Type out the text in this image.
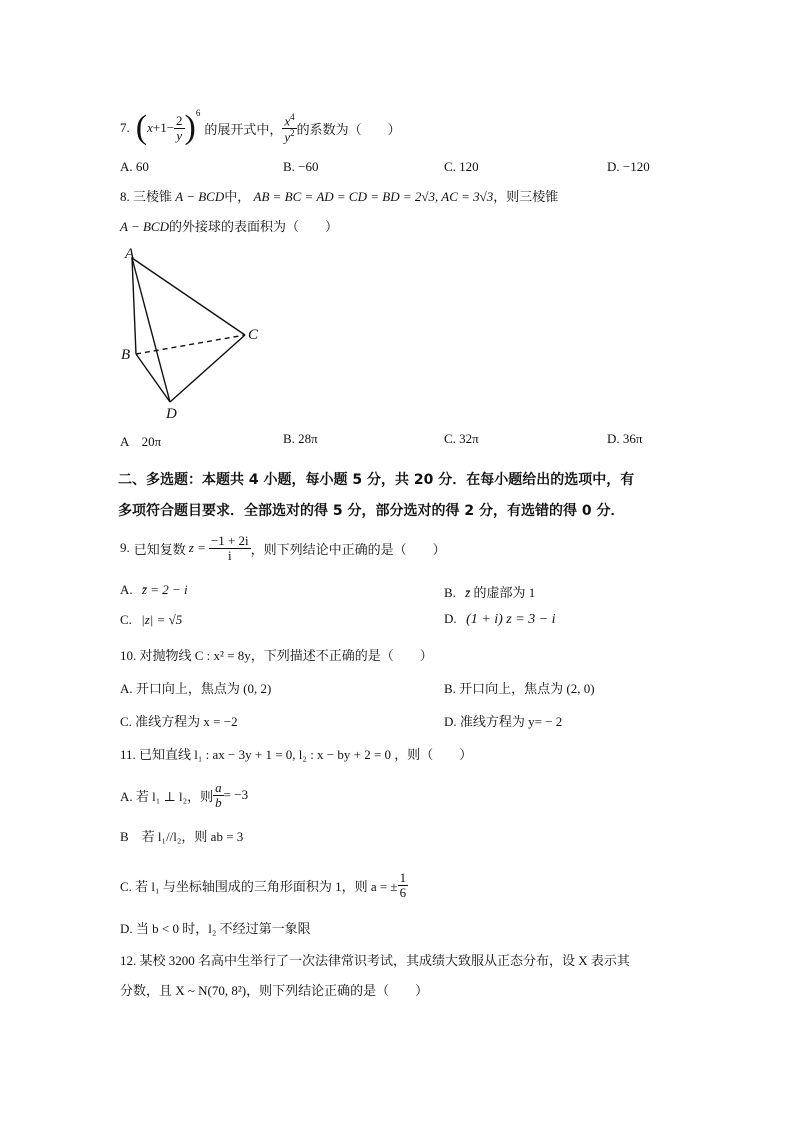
7. ( $x +1- \frac{2}{y} )^6$
的展开式中， $\frac{x^4}{y^2}$ 的系数为（　　）
A. 60	B. −60	C. 120	D. −120
8. 三棱锥 A − BCD中， AB = BC = AD = CD = BD = 2√3, AC = 3√3，则三棱锥
A − BCD的外接球的表面积为（　　）
A
B
C
D
A　20π	B. 28π	C. 32π	D. 36π
二、多选题：本题共 4 小题，每小题 5 分，共 20 分．在每小题给出的选项中，有
多项符合题目要求．全部选对的得 5 分，部分选对的得 2 分，有选错的得 0 分．
9. 已知复数 $z = \frac{-1 + 2i}{i}$ ，则下列结论中正确的是（　　）
A. z̄ = 2 − i	B. z̄ 的虚部为 1
C. |z| = √5	D. (1 + i) z = 3 − i
10. 对抛物线 C : x² = 8y，下列描述不正确的是（　　）
A. 开口向上，焦点为 (0, 2)	B. 开口向上，焦点为 (2, 0)
C. 准线方程为 x = −2	D. 准线方程为 y= − 2
11. 已知直线 l₁ : ax − 3y + 1 = 0, l₂ : x − by + 2 = 0 ，则（　　）
A. 若 l₁ ⊥ l₂，则 $\frac{a}{b} = -3$
B　若 l₁//l₂，则 ab = 3
C. 若 l₁ 与坐标轴围成的三角形面积为 1，则 a = ± $\frac{1}{6}$
D. 当 b < 0 时，l₂ 不经过第一象限
12. 某校 3200 名高中生举行了一次法律常识考试，其成绩大致服从正态分布，设 X 表示其
分数，且 X ~ N(70, 8²)，则下列结论正确的是（　　）
